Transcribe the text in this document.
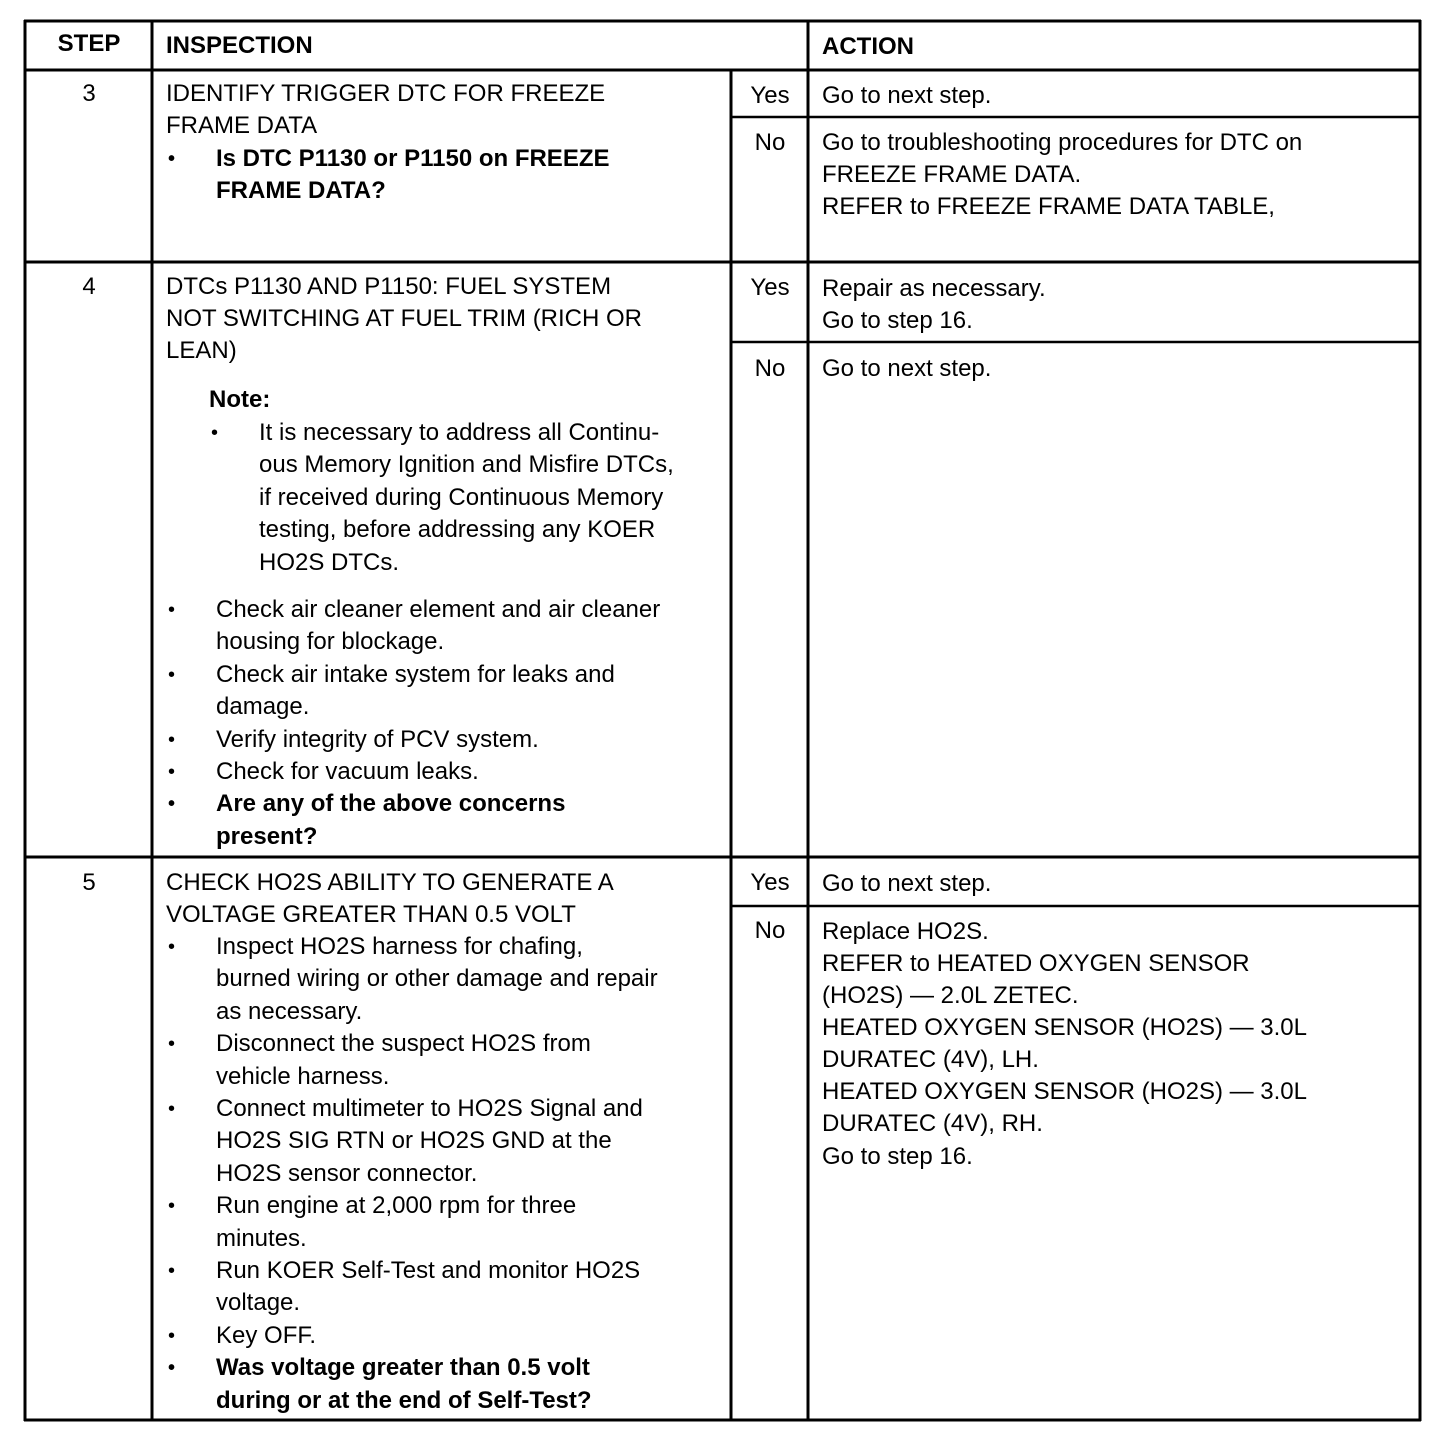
STEP	INSPECTION	ACTION
3	IDENTIFY TRIGGER DTC FOR FREEZE
FRAME DATA
• Is DTC P1130 or P1150 on FREEZE
FRAME DATA?
Yes	Go to next step.
No	Go to troubleshooting procedures for DTC on
FREEZE FRAME DATA.
REFER to FREEZE FRAME DATA TABLE,
4	DTCs P1130 AND P1150: FUEL SYSTEM
NOT SWITCHING AT FUEL TRIM (RICH OR
LEAN)
Note:
• It is necessary to address all Continu-
ous Memory Ignition and Misfire DTCs,
if received during Continuous Memory
testing, before addressing any KOER
HO2S DTCs.
• Check air cleaner element and air cleaner
housing for blockage.
• Check air intake system for leaks and
damage.
• Verify integrity of PCV system.
• Check for vacuum leaks.
• Are any of the above concerns
present?
Yes	Repair as necessary.
Go to step 16.
No	Go to next step.
5	CHECK HO2S ABILITY TO GENERATE A
VOLTAGE GREATER THAN 0.5 VOLT
• Inspect HO2S harness for chafing,
burned wiring or other damage and repair
as necessary.
• Disconnect the suspect HO2S from
vehicle harness.
• Connect multimeter to HO2S Signal and
HO2S SIG RTN or HO2S GND at the
HO2S sensor connector.
• Run engine at 2,000 rpm for three
minutes.
• Run KOER Self-Test and monitor HO2S
voltage.
• Key OFF.
• Was voltage greater than 0.5 volt
during or at the end of Self-Test?
Yes	Go to next step.
No	Replace HO2S.
REFER to HEATED OXYGEN SENSOR
(HO2S) — 2.0L ZETEC.
HEATED OXYGEN SENSOR (HO2S) — 3.0L
DURATEC (4V), LH.
HEATED OXYGEN SENSOR (HO2S) — 3.0L
DURATEC (4V), RH.
Go to step 16.
